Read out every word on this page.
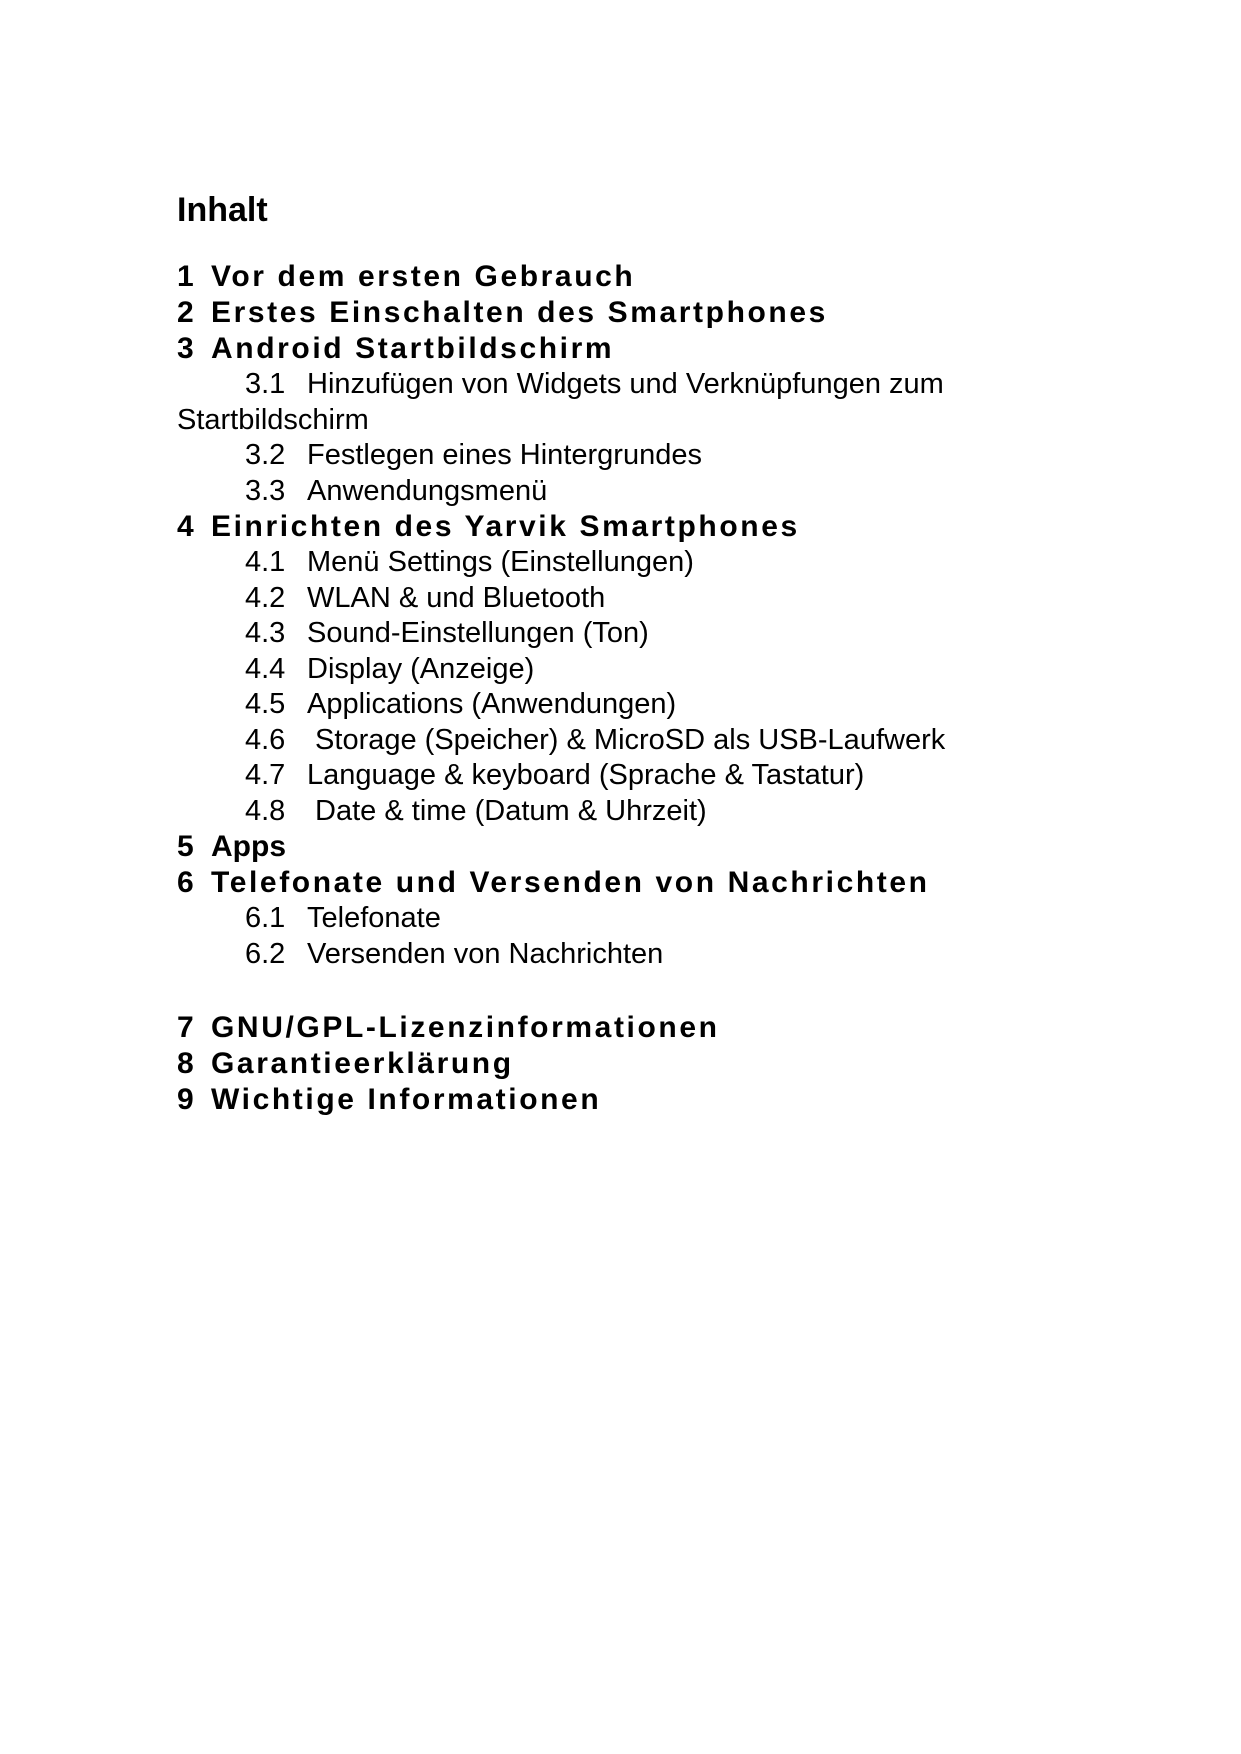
Inhalt
1 Vor dem ersten Gebrauch
2 Erstes Einschalten des Smartphones
3 Android Startbildschirm
3.1 Hinzufügen von Widgets und Verknüpfungen zum
Startbildschirm
3.2 Festlegen eines Hintergrundes
3.3 Anwendungsmenü
4 Einrichten des Yarvik Smartphones
4.1 Menü Settings (Einstellungen)
4.2 WLAN & und Bluetooth
4.3 Sound-Einstellungen (Ton)
4.4 Display (Anzeige)
4.5 Applications (Anwendungen)
4.6 Storage (Speicher) & MicroSD als USB-Laufwerk
4.7 Language & keyboard (Sprache & Tastatur)
4.8 Date & time (Datum & Uhrzeit)
5 Apps
6 Telefonate und Versenden von Nachrichten
6.1 Telefonate
6.2 Versenden von Nachrichten
7 GNU/GPL-Lizenzinformationen
8 Garantieerklärung
9 Wichtige Informationen
